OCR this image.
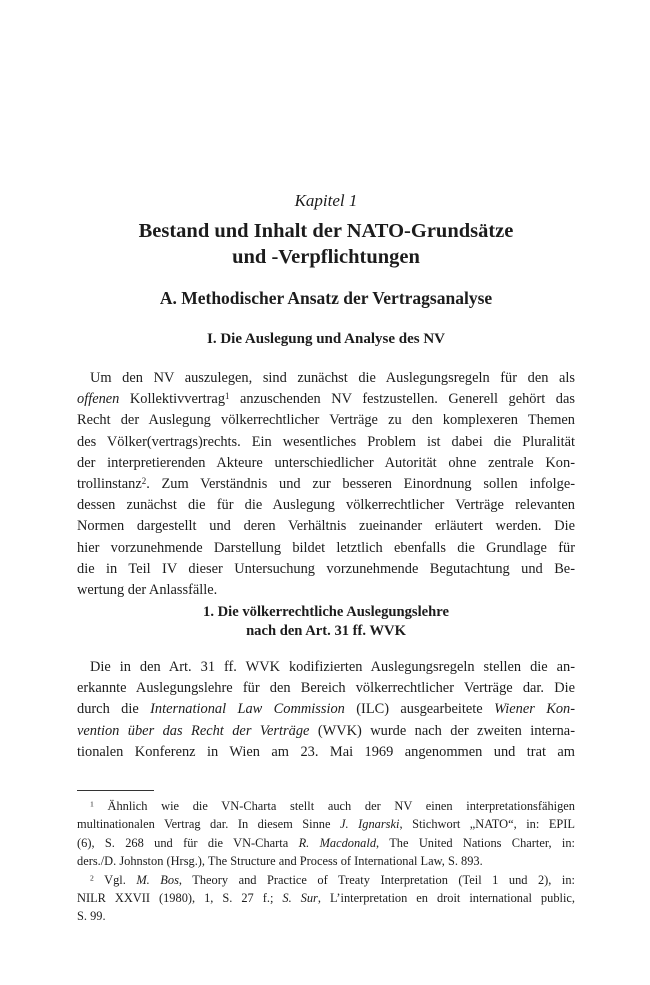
Kapitel 1
Bestand und Inhalt der NATO-Grundsätze
und -Verpflichtungen
A. Methodischer Ansatz der Vertragsanalyse
I. Die Auslegung und Analyse des NV
Um den NV auszulegen, sind zunächst die Auslegungsregeln für den als
offenen Kollektivvertrag$^1$ anzuschenden NV festzustellen. Generell gehört das
Recht der Auslegung völkerrechtlicher Verträge zu den komplexeren Themen
des Völker(vertrags)rechts. Ein wesentliches Problem ist dabei die Pluralität
der interpretierenden Akteure unterschiedlicher Autorität ohne zentrale Kon-
trollinstanz$^2$. Zum Verständnis und zur besseren Einordnung sollen infolge-
dessen zunächst die für die Auslegung völkerrechtlicher Verträge relevanten
Normen dargestellt und deren Verhältnis zueinander erläutert werden. Die
hier vorzunehmende Darstellung bildet letztlich ebenfalls die Grundlage für
die in Teil IV dieser Untersuchung vorzunehmende Begutachtung und Be-
wertung der Anlassfälle.
1. Die völkerrechtliche Auslegungslehre
nach den Art. 31 ff. WVK
Die in den Art. 31 ff. WVK kodifizierten Auslegungsregeln stellen die an-
erkannte Auslegungslehre für den Bereich völkerrechtlicher Verträge dar. Die
durch die International Law Commission (ILC) ausgearbeitete Wiener Kon-
vention über das Recht der Verträge (WVK) wurde nach der zweiten interna-
tionalen Konferenz in Wien am 23. Mai 1969 angenommen und trat am
$^1$ Ähnlich wie die VN-Charta stellt auch der NV einen interpretationsfähigen
multinationalen Vertrag dar. In diesem Sinne J. Ignarski, Stichwort „NATO“, in: EPIL
(6), S. 268 und für die VN-Charta R. Macdonald, The United Nations Charter, in:
ders./D. Johnston (Hrsg.), The Structure and Process of International Law, S. 893.
$^2$ Vgl. M. Bos, Theory and Practice of Treaty Interpretation (Teil 1 und 2), in:
NILR XXVII (1980), 1, S. 27 f.; S. Sur, L’interpretation en droit international public,
S. 99.
